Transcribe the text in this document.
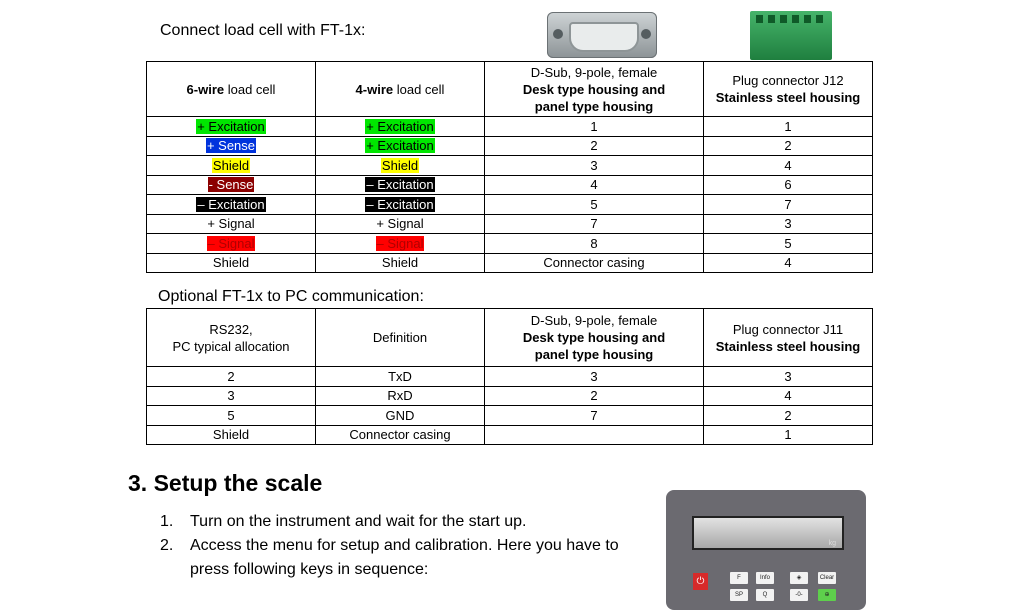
Connect load cell with FT-1x:
6-wire load cell	4-wire load cell	D-Sub, 9-pole, female
Desk type housing and
panel type housing	Plug connector J12
Stainless steel housing
+ Excitation	+ Excitation	1	1
+ Sense	+ Excitation	2	2
Shield	Shield	3	4
- Sense	– Excitation	4	6
– Excitation	– Excitation	5	7
+ Signal	+ Signal	7	3
– Signal	– Signal	8	5
Shield	Shield	Connector casing	4
Optional FT-1x to PC communication:
RS232,
PC typical allocation	Definition	D-Sub, 9-pole, female
Desk type housing and
panel type housing	Plug connector J11
Stainless steel housing
2	TxD	3	3
3	RxD	2	4
5	GND	7	2
Shield	Connector casing		1
3. Setup the scale
1. Turn on the instrument and wait for the start up.
2. Access the menu for setup and calibration. Here you have to press following keys in sequence:
kg
⏻	F	Info	◈	Clear
SP	Q	-0-	⊕
